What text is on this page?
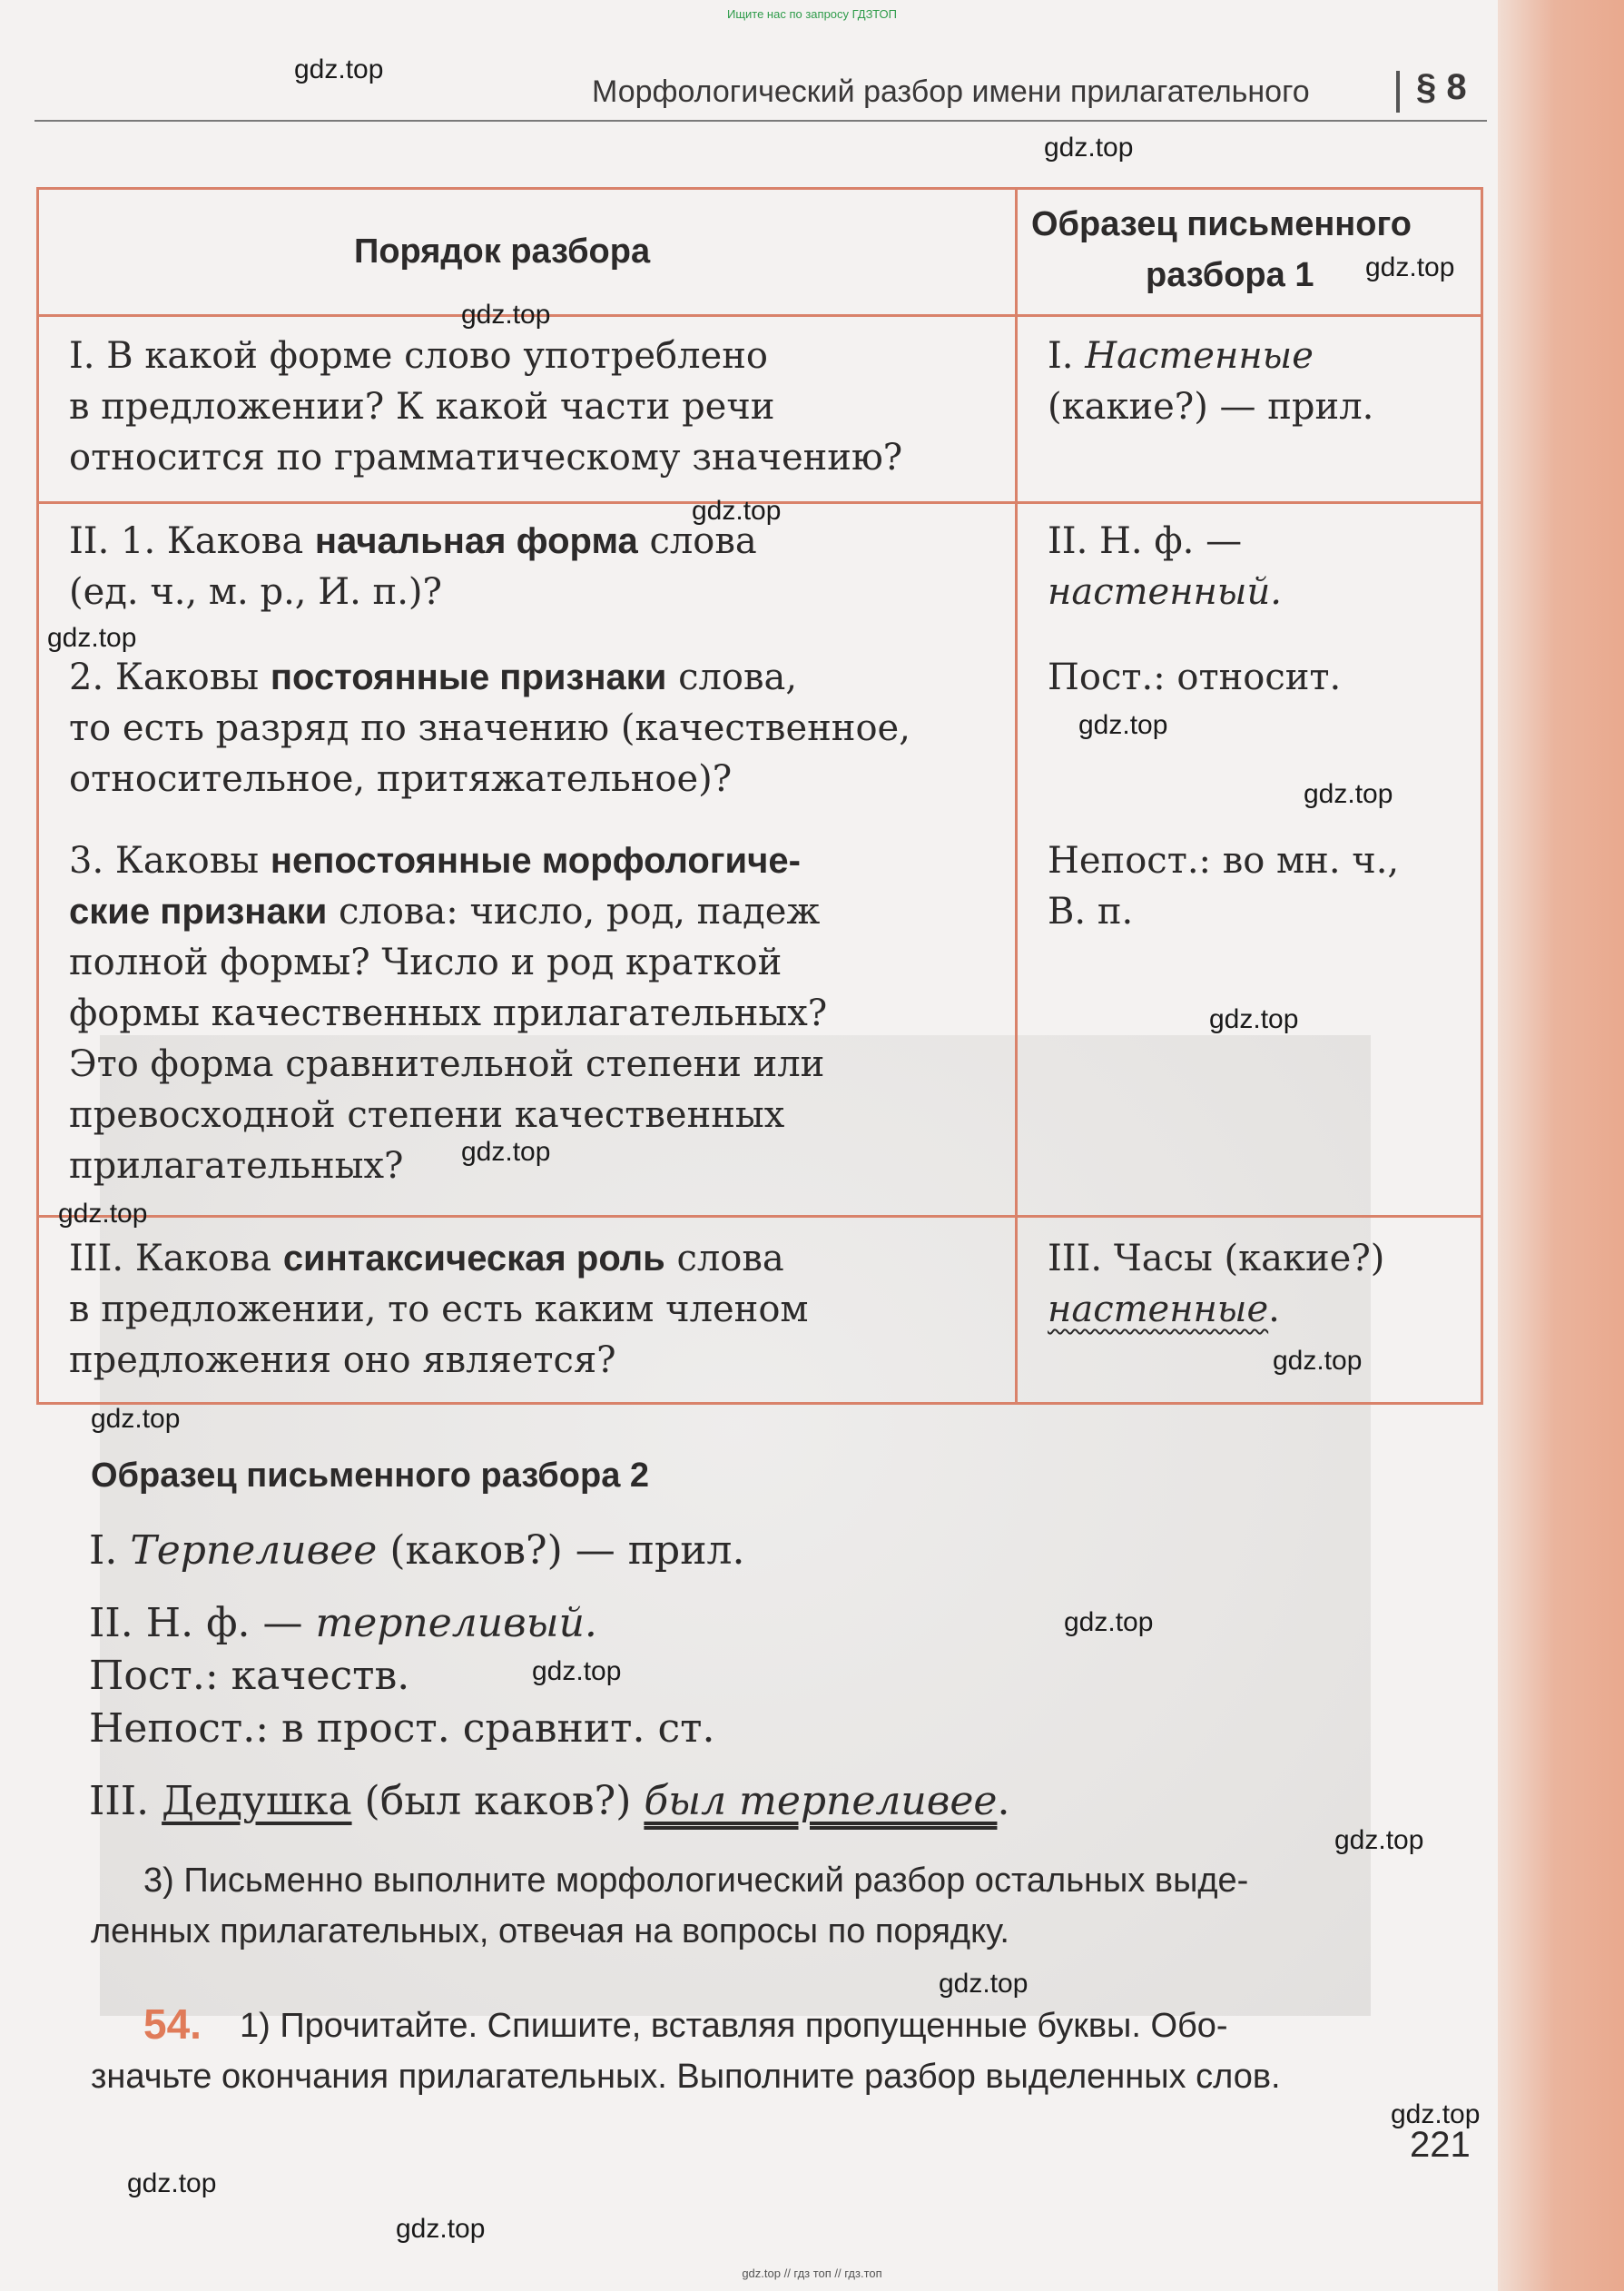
Ищите нас по запросу ГДЗТОП
Морфологический разбор имени прилагательного	§ 8
Порядок разбора
Образец письменного
разбора 1
I. В какой форме слово употреблено
в предложении? К какой части речи
относится по грамматическому значению?
I. Настенные
(какие?) — прил.
II. 1. Какова начальная форма слова
(ед. ч., м. р., И. п.)?
II. Н. ф. —
настенный.
2. Каковы постоянные признаки слова,
то есть разряд по значению (качественное,
относительное, притяжательное)?
Пост.: относит.
3. Каковы непостоянные морфологиче-
ские признаки слова: число, род, падеж
полной формы? Число и род краткой
формы качественных прилагательных?
Это форма сравнительной степени или
превосходной степени качественных
прилагательных?
Непост.: во мн. ч.,
В. п.
III. Какова синтаксическая роль слова
в предложении, то есть каким членом
предложения оно является?
III. Часы (какие?)
настенные.
Образец письменного разбора 2
I. Терпеливее (каков?) — прил.
II. Н. ф. — терпеливый.
Пост.: качеств.
Непост.: в прост. сравнит. ст.
III. Дедушка (был каков?) был терпеливее.
3) Письменно выполните морфологический разбор остальных выде-
ленных прилагательных, отвечая на вопросы по порядку.
54. 1) Прочитайте. Спишите, вставляя пропущенные буквы. Обо-
значьте окончания прилагательных. Выполните разбор выделенных слов.
221
gdz.top
gdz.top
gdz.top
gdz.top
gdz.top
gdz.top
gdz.top
gdz.top
gdz.top
gdz.top
gdz.top
gdz.top
gdz.top
gdz.top
gdz.top
gdz.top
gdz.top
gdz.top
gdz.top
gdz.top
gdz.top // гдз топ // гдз.топ
